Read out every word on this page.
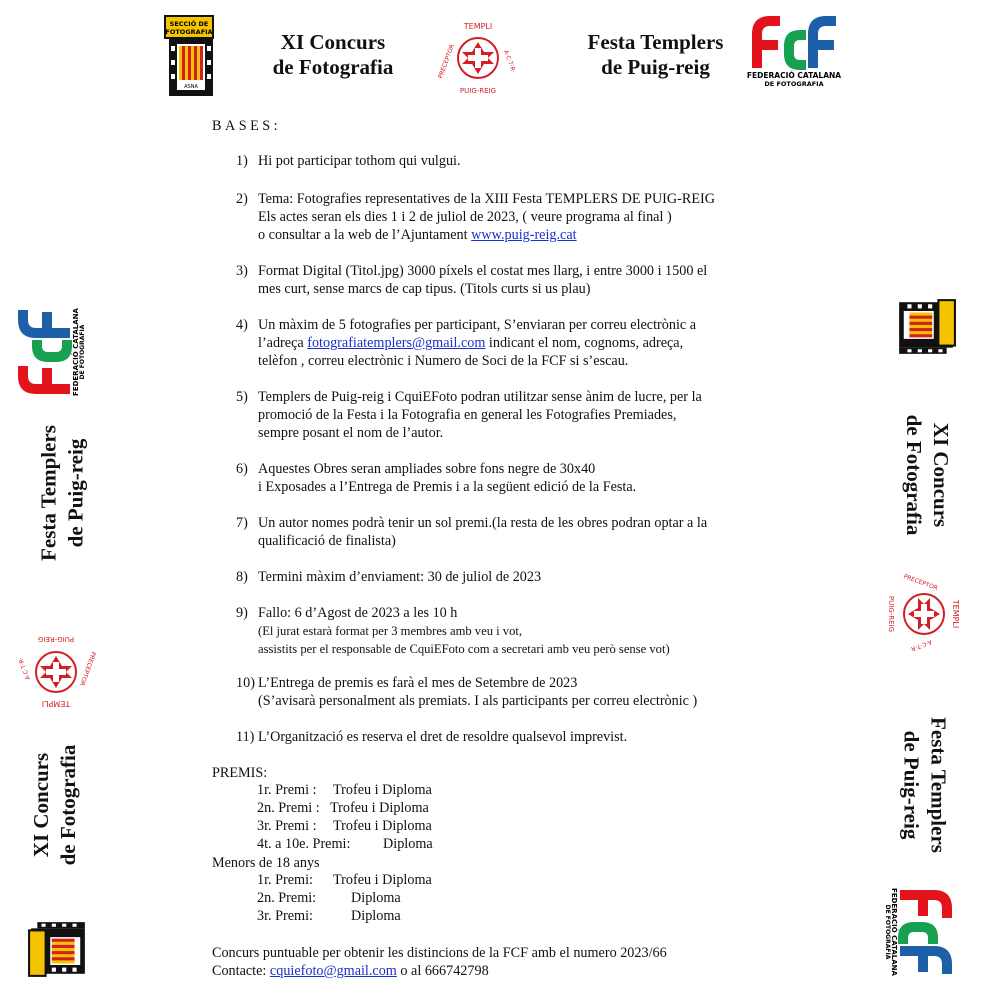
SECCIÓ DE
FOTOGRAFIA
ASNA
XI Concurs
de Fotografia
Festa Templers
de Puig-reig	FEDERACIÓ CATALANA
DE FOTOGRAFIA
Festa Templers de Puig-reig
XI Concurs de Fotografia
XI Concurs
de Fotografia
Festa Templers
de Puig-reig
BASES:
1) Hi pot participar tothom qui vulgui.
2) Tema: Fotografies representatives de la XIII Festa TEMPLERS DE PUIG-REIG
Els actes seran els dies 1 i 2 de juliol de 2023, ( veure programa al final )
o consultar a la web de l’Ajuntament www.puig-reig.cat
3) Format Digital (Titol.jpg) 3000 píxels el costat mes llarg, i entre 3000 i 1500 el
mes curt, sense marcs de cap tipus. (Titols curts si us plau)
4) Un màxim de 5 fotografies per participant, S’enviaran per correu electrònic a
l’adreça fotografiatemplers@gmail.com indicant el nom, cognoms, adreça,
telèfon , correu electrònic i Numero de Soci de la FCF si s’escau.
5) Templers de Puig-reig i CquiEFoto podran utilitzar sense ànim de lucre, per la
promoció de la Festa i la Fotografia en general les Fotografies Premiades,
sempre posant el nom de l’autor.
6) Aquestes Obres seran ampliades sobre fons negre de 30x40
i Exposades a l’Entrega de Premis i a la següent edició de la Festa.
7) Un autor nomes podrà tenir un sol premi.(la resta de les obres podran optar a la
qualificació de finalista)
8) Termini màxim d’enviament: 30 de juliol de 2023
9) Fallo: 6 d’Agost de 2023 a les 10 h
(El jurat estarà format per 3 membres amb veu i vot,
assistits per el responsable de CquiEFoto com a secretari amb veu però sense vot)
10) L’Entrega de premis es farà el mes de Setembre de 2023
(S’avisarà personalment als premiats. I als participants per correu electrònic )
11) L’Organització es reserva el dret de resoldre qualsevol imprevist.
PREMIS:
1r. Premi : Trofeu i Diploma
2n. Premi : Trofeu i Diploma
3r. Premi : Trofeu i Diploma
4t. a 10e. Premi: Diploma
Menors de 18 anys
1r. Premi: Trofeu i Diploma
2n. Premi: Diploma
3r. Premi:	Diploma
Concurs puntuable per obtenir les distincions de la FCF amb el numero 2023/66
Contacte: cquiefoto@gmail.com o al 666742798
